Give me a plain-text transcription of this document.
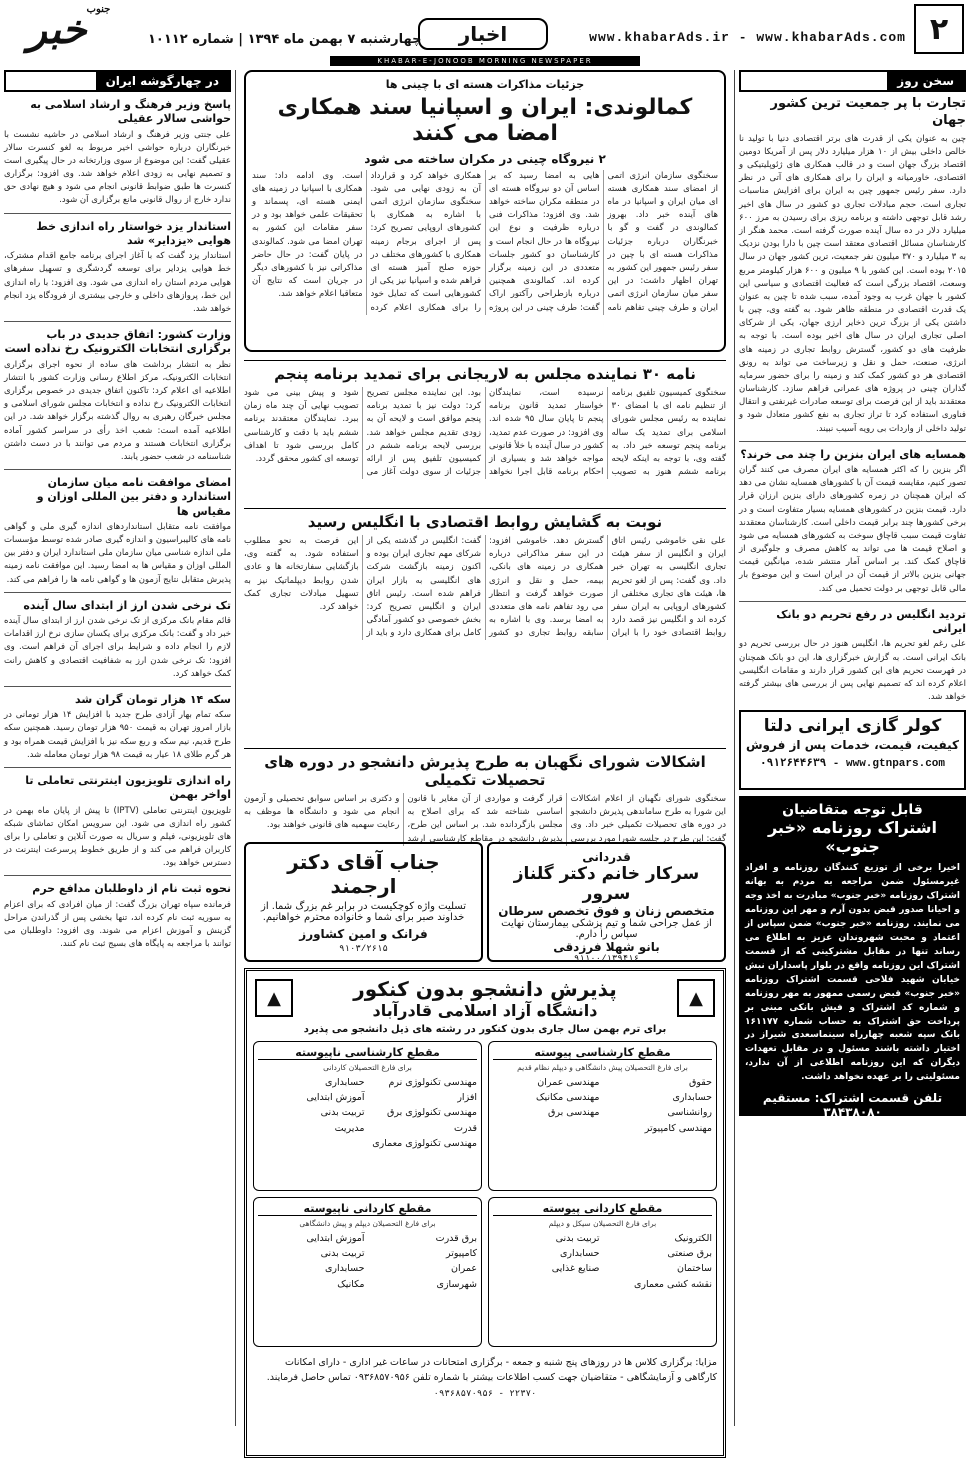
۲
www.khabarAds.ir - www.khabarAds.com
اخبار
چهارشنبه ۷ بهمن ماه ۱۳۹۴ | شماره ۱۰۱۱۲
جنوب
خبر
KHABAR-E-JONOOB MORNING NEWSPAPER
سخن روز
تجارت با پر جمعیت ترین کشور جهان
چین به عنوان یکی از قدرت های برتر اقتصادی دنیا با تولید نا خالص داخلی بیش از ۱۰ هزار میلیارد دلار پس از آمریکا دومین اقتصاد بزرگ جهان است و در قالب همکاری های ژئوپلیتیکی و اقتصادی، خاورمیانه و ایران را برای همکاری های آتی در نظر دارد. سفر رئیس جمهور چین به ایران برای افزایش مناسبات تجاری است. حجم مبادلات تجاری دو کشور در سال های اخیر رشد قابل توجهی داشته و برنامه ریزی برای رسیدن به مرز ۶۰۰ میلیارد دلار در ده سال آینده صورت گرفته است. محمد هنگر از کارشناسان مسائل اقتصادی معتقد است چین با دارا بودن نزدیک به ۳ میلیارد و ۳۷۰ میلیون نفر جمعیت، ترین کشور جهان در سال ۲۰۱۵ بوده است. این کشور با ۹ میلیون و ۶۰۰ هزار کیلومتر مربع وسعت، اقتصاد بزرگی است که فعالیت اقتصادی و سیاسی این کشور با جهان غرب به وجود آمده، سبب شده تا چین به عنوان یک قدرت اقتصادی در منطقه ظاهر شود. به گفته وی، چین با داشتن یکی از بزرگ ترین ذخایر ارزی جهان، یکی از شرکای اصلی تجاری ایران در سال های اخیر بوده است. با توجه به ظرفیت های دو کشور، گسترش روابط تجاری در زمینه های انرژی، صنعت، حمل و نقل و زیرساخت می تواند به رونق اقتصادی هر دو کشور کمک کند و زمینه را برای حضور سرمایه گذاران چینی در پروژه های عمرانی فراهم سازد. کارشناسان معتقدند باید از این فرصت برای توسعه صادرات غیرنفتی و انتقال فناوری استفاده کرد تا تراز تجاری به نفع کشور متعادل شود و تولید داخلی از واردات بی رویه آسیب نبیند.
همسایه های ایران بنزین را چند می خرند؟
اگر بنزین را که اکثر همسایه های ایران مصرف می کنند گران تصور کنیم، مقایسه قیمت آن با کشورهای همسایه نشان می دهد که ایران همچنان در زمره کشورهای دارای بنزین ارزان قرار دارد. قیمت بنزین در کشورهای همسایه بسیار متفاوت است و در برخی کشورها چند برابر قیمت داخلی است. کارشناسان معتقدند تفاوت قیمت سبب قاچاق سوخت به کشورهای همسایه می شود و اصلاح قیمت ها می تواند به کاهش مصرف و جلوگیری از قاچاق کمک کند. بر اساس آمار منتشر شده، میانگین قیمت جهانی بنزین بالاتر از قیمت آن در ایران است و این موضوع بار مالی قابل توجهی بر دولت تحمیل می کند.
تردید انگلیس در رفع تحریم دو بانک ایرانی
علی رغم لغو تحریم ها، انگلیس هنوز در حال بررسی تحریم دو بانک ایرانی است. به گزارش خبرگزاری ها، این دو بانک همچنان در فهرست تحریم های این کشور قرار دارند و مقامات انگلیسی اعلام کرده اند که تصمیم نهایی پس از بررسی های بیشتر گرفته خواهد شد.
کولر گازی ایرانی دلتا
کیفیت، قیمت، خدمات پس از فروش
۰۹۱۲۶۴۴۶۳۹ - www.gtnpars.com
قابل توجه متقاضیان
اشتراک روزنامه «خبر جنوب»
اخیرا برخی از توزیع کنندگان روزنامه و افراد غیرمسئول ضمن مراجعه به مردم به بهانه اشتراک روزنامه «خبر جنوب» مبادرت به اخذ وجه و احیانا صدور قبض بدون آرم و مهر این روزنامه می نمایند. روزنامه «خبر جنوب» ضمن سپاس از اعتماد و محبت شهروندان عزیز به اطلاع می رساند تنها در مقابل مشترکینی که از قسمت اشتراک این روزنامه واقع در بلوار پاسداران نبش خیابان شهید فلاحی قسمت اشتراک روزنامه «خبر جنوب» قبض رسمی ممهور به مهر روزنامه و شماره کد اشتراک و فیش بانکی مبنی بر پرداخت حق اشتراک به حساب شماره ۱۶۱۱۷۷ بانک سپه شعبه چهارراه سینماسعدی شیراز در اختیار داشته باشند مسئول و در مقابل تعهدات دیگران که این روزنامه اطلاعی از آن ندارد، مسئولیتی را بر عهده نخواهد داشت.
تلفن قسمت اشتراک: مستقیم ۳۸۴۳۸۰۸۰
جزئیات مذاکرات هسته ای با چینی ها
کمالوندی: ایران و اسپانیا سند همکاری امضا می کنند
۲ نیروگاه چینی در مکران ساخته می شود
سخنگوی سازمان انرژی اتمی از امضای سند همکاری هسته ای میان ایران و اسپانیا در ماه های آینده خبر داد. بهروز کمالوندی در گفت و گو با خبرنگاران درباره جزئیات مذاکرات هسته ای با چین در سفر رئیس جمهور این کشور به تهران اظهار داشت: در این سفر میان سازمان انرژی اتمی ایران و طرف چینی تفاهم نامه هایی به امضا رسید که بر اساس آن دو نیروگاه هسته ای در منطقه مکران ساخته خواهد شد. وی افزود: مذاکرات فنی درباره ظرفیت و نوع این نیروگاه ها در حال انجام است و کارشناسان دو کشور جلسات متعددی در این زمینه برگزار کرده اند. کمالوندی همچنین درباره بازطراحی رآکتور اراک گفت: طرف چینی در این پروژه همکاری خواهد کرد و قرارداد آن به زودی نهایی می شود. سخنگوی سازمان انرژی اتمی با اشاره به همکاری با کشورهای اروپایی تصریح کرد: پس از اجرای برجام زمینه همکاری با کشورهای مختلف در حوزه صلح آمیز هسته ای فراهم شده و اسپانیا نیز یکی از کشورهایی است که تمایل خود را برای همکاری اعلام کرده است. وی ادامه داد: سند همکاری با اسپانیا در زمینه های ایمنی هسته ای، پسماند و تحقیقات علمی خواهد بود و در سفر مقامات این کشور به تهران امضا می شود. کمالوندی در پایان گفت: در حال حاضر مذاکراتی نیز با کشورهای دیگر در جریان است که نتایج آن متعاقبا اعلام خواهد شد.
نامه ۳۰ نماینده مجلس به لاریجانی برای تمدید برنامه پنجم
سخنگوی کمیسیون تلفیق برنامه از تنظیم نامه ای با امضای ۳۰ نماینده به رئیس مجلس شورای اسلامی برای تمدید یک ساله برنامه پنجم توسعه خبر داد. به گفته وی، با توجه به اینکه لایحه برنامه ششم هنوز به تصویب نرسیده است، نمایندگان خواستار تمدید قانون برنامه پنجم تا پایان سال ۹۵ شده اند. وی افزود: در صورت عدم تمدید، کشور در سال آینده با خلأ قانونی مواجه خواهد شد و بسیاری از احکام برنامه قابل اجرا نخواهد بود. این نماینده مجلس تصریح کرد: دولت نیز با تمدید برنامه پنجم موافق است و لایحه آن به زودی تقدیم مجلس خواهد شد. بررسی لایحه برنامه ششم در کمیسیون تلفیق پس از ارائه جزئیات از سوی دولت آغاز می شود و پیش بینی می شود تصویب نهایی آن چند ماه زمان ببرد. نمایندگان معتقدند برنامه ششم باید با دقت و کارشناسی کامل بررسی شود تا اهداف توسعه ای کشور محقق گردد.
نوبت به گشایش روابط اقتصادی با انگلیس رسید
علی نقی خاموشی رئیس اتاق ایران و انگلیس از سفر هیئت تجاری انگلیسی به تهران خبر داد. وی گفت: پس از لغو تحریم ها، هیئت های تجاری مختلفی از کشورهای اروپایی به ایران سفر کرده اند و انگلیس نیز قصد دارد روابط اقتصادی خود را با ایران گسترش دهد. خاموشی افزود: در این سفر مذاکراتی درباره همکاری در زمینه های بانکی، بیمه، حمل و نقل و انرژی صورت خواهد گرفت و انتظار می رود تفاهم نامه های متعددی به امضا برسد. وی با اشاره به سابقه روابط تجاری دو کشور گفت: انگلیس در گذشته یکی از شرکای مهم تجاری ایران بوده و اکنون زمینه بازگشت شرکت های انگلیسی به بازار ایران فراهم شده است. رئیس اتاق ایران و انگلیس تصریح کرد: بخش خصوصی دو کشور آمادگی کامل برای همکاری دارد و باید از این فرصت به نحو مطلوب استفاده شود. به گفته وی، بازگشایی سفارتخانه ها و عادی شدن روابط دیپلماتیک نیز به تسهیل مبادلات تجاری کمک خواهد کرد.
اشکالات شورای نگهبان به طرح پذیرش دانشجو در دوره های تحصیلات تکمیلی
سخنگوی شورای نگهبان از اعلام اشکالات این شورا به طرح ساماندهی پذیرش دانشجو در دوره های تحصیلات تکمیلی خبر داد. وی گفت: این طرح در جلسه شورا مورد بررسی قرار گرفت و مواردی از آن مغایر با قانون اساسی شناخته شد که برای اصلاح به مجلس بازگردانده شد. بر اساس این طرح، پذیرش دانشجو در مقاطع کارشناسی ارشد و دکتری بر اساس سوابق تحصیلی و آزمون انجام می شود و دانشگاه ها موظف به رعایت سهمیه های قانونی خواهند بود.
قدردانی
سرکار خانم دکتر گلناز سرور
متخصص زنان و فوق تخصص سرطان
از عمل جراحی شما و تیم پزشکی بیمارستان نهایت سپاس را دارم.
بانو شهلا فرزدقی
۹۱۱۰۰/۱۳۹۴۱۶
جناب آقای دکتر ارجمند
تسلیت واژه کوچکیست در برابر غم بزرگ شما. از خداوند صبر برای شما و خانواده محترم خواهانیم.
فرانک و امین کشاورز
۹۱۰۳/۲۶۱۵
▲
▲	پذیرش دانشجو بدون کنکور
دانشگاه آزاد اسلامی قادرآباد
برای ترم بهمن سال جاری بدون کنکور در رشته های ذیل دانشجو می پذیرد
مقطع کارشناسی پیوسته
برای فارغ التحصیلان پیش دانشگاهی و دیپلم نظام قدیم
حقوق
حسابداری
روانشناسی
مهندسی کامپیوتر
مهندسی عمران
مهندسی مکانیک
مهندسی برق
مقطع کارشناسی ناپیوسته
برای فارغ التحصیلان کاردانی
مهندسی تکنولوژی نرم افزار
مهندسی تکنولوژی برق قدرت
مهندسی تکنولوژی معماری
حسابداری
آموزش ابتدایی
تربیت بدنی
مدیریت
مقطع کاردانی پیوسته
برای فارغ التحصیلان سیکل و دیپلم
الکترونیک
برق صنعتی
ساختمان
نقشه کشی معماری
تربیت بدنی
حسابداری
صنایع غذایی
مقطع کاردانی ناپیوسته
برای فارغ التحصیلان دیپلم و پیش دانشگاهی
برق قدرت
کامپیوتر
عمران
شهرسازی
آموزش ابتدایی
تربیت بدنی
حسابداری
مکانیک
مزایا: برگزاری کلاس ها در روزهای پنج شنبه و جمعه - برگزاری امتحانات در ساعات غیر اداری - دارای امکانات کارگاهی و آزمایشگاهی - متقاضیان جهت کسب اطلاعات بیشتر با شماره تلفن ۰۹۳۶۸۵۷۰۹۵۶ تماس حاصل فرمایند.
۰۹۳۶۸۵۷۰۹۵۶ - ۲۲۳۷۰
در چهارگوشه ایران
پاسخ وزیر فرهنگ و ارشاد اسلامی به حواشی سالار عقیلی
علی جنتی وزیر فرهنگ و ارشاد اسلامی در حاشیه نشست با خبرنگاران درباره حواشی اخیر مربوط به لغو کنسرت سالار عقیلی گفت: این موضوع از سوی وزارتخانه در حال پیگیری است و تصمیم نهایی به زودی اعلام خواهد شد. وی افزود: برگزاری کنسرت ها طبق ضوابط قانونی انجام می شود و هیچ نهادی حق ندارد خارج از روال قانونی مانع برگزاری آن شود.
استاندار یزد خواستار راه اندازی خط هوایی «یزدایر» شد
استاندار یزد گفت که با آغاز اجرای برنامه جامع اقدام مشترک، خط هوایی یزدایر برای توسعه گردشگری و تسهیل سفرهای هوایی مردم استان راه اندازی می شود. وی افزود: با راه اندازی این خط، پروازهای داخلی و خارجی بیشتری از فرودگاه یزد انجام خواهد شد.
وزارت کشور: اتفاق جدیدی در باب برگزاری انتخابات الکترونیک رخ نداده است
نظر به انتشار برداشت های ساده از نحوه اجرای برگزاری انتخابات الکترونیک، مرکز اطلاع رسانی وزارت کشور با انتشار اطلاعیه ای اعلام کرد: تاکنون اتفاق جدیدی در خصوص برگزاری انتخابات الکترونیک رخ نداده و انتخابات مجلس شورای اسلامی و مجلس خبرگان رهبری به روال گذشته برگزار خواهد شد. در این اطلاعیه آمده است: شعب اخذ رأی در سراسر کشور آماده برگزاری انتخابات هستند و مردم می توانند با در دست داشتن شناسنامه در شعب حضور یابند.
امضای موافقت نامه میان سازمان استاندارد و دفتر بین المللی اوزان و مقیاس ها
موافقت نامه متقابل استانداردهای اندازه گیری ملی و گواهی نامه های کالیبراسیون و اندازه گیری صادر شده توسط مؤسسات ملی اندازه شناسی میان سازمان ملی استاندارد ایران و دفتر بین المللی اوزان و مقیاس ها به امضا رسید. این موافقت نامه زمینه پذیرش متقابل نتایج آزمون ها و گواهی نامه ها را فراهم می کند.
تک نرخی شدن ارز از ابتدای سال آینده
قائم مقام بانک مرکزی از تک نرخی شدن ارز از ابتدای سال آینده خبر داد و گفت: بانک مرکزی برای یکسان سازی نرخ ارز اقدامات لازم را انجام داده و شرایط برای اجرای آن فراهم است. وی افزود: تک نرخی شدن ارز به شفافیت اقتصادی و کاهش رانت کمک خواهد کرد.
سکه ۱۴ هزار تومان گران شد
سکه تمام بهار آزادی طرح جدید با افزایش ۱۴ هزار تومانی در بازار امروز تهران به قیمت ۹۵۰ هزار تومان رسید. همچنین سکه طرح قدیم، نیم سکه و ربع سکه نیز با افزایش قیمت همراه بود و هر گرم طلای ۱۸ عیار به قیمت ۹۸ هزار تومان معامله شد.
راه اندازی تلویزیون اینترنتی تعاملی تا اواخر بهمن
تلویزیون اینترنتی تعاملی (IPTV) تا پیش از پایان ماه بهمن در کشور راه اندازی می شود. این سرویس امکان تماشای شبکه های تلویزیونی، فیلم و سریال به صورت آنلاین و تعاملی را برای کاربران فراهم می کند و از طریق خطوط پرسرعت اینترنت در دسترس خواهد بود.
نحوه ثبت نام از داوطلبان مدافع حرم
فرمانده سپاه تهران بزرگ گفت: از میان افرادی که برای اعزام به سوریه ثبت نام کرده اند، تنها بخشی پس از گذراندن مراحل گزینش و آموزش اعزام می شوند. وی افزود: داوطلبان می توانند با مراجعه به پایگاه های بسیج ثبت نام کنند.
